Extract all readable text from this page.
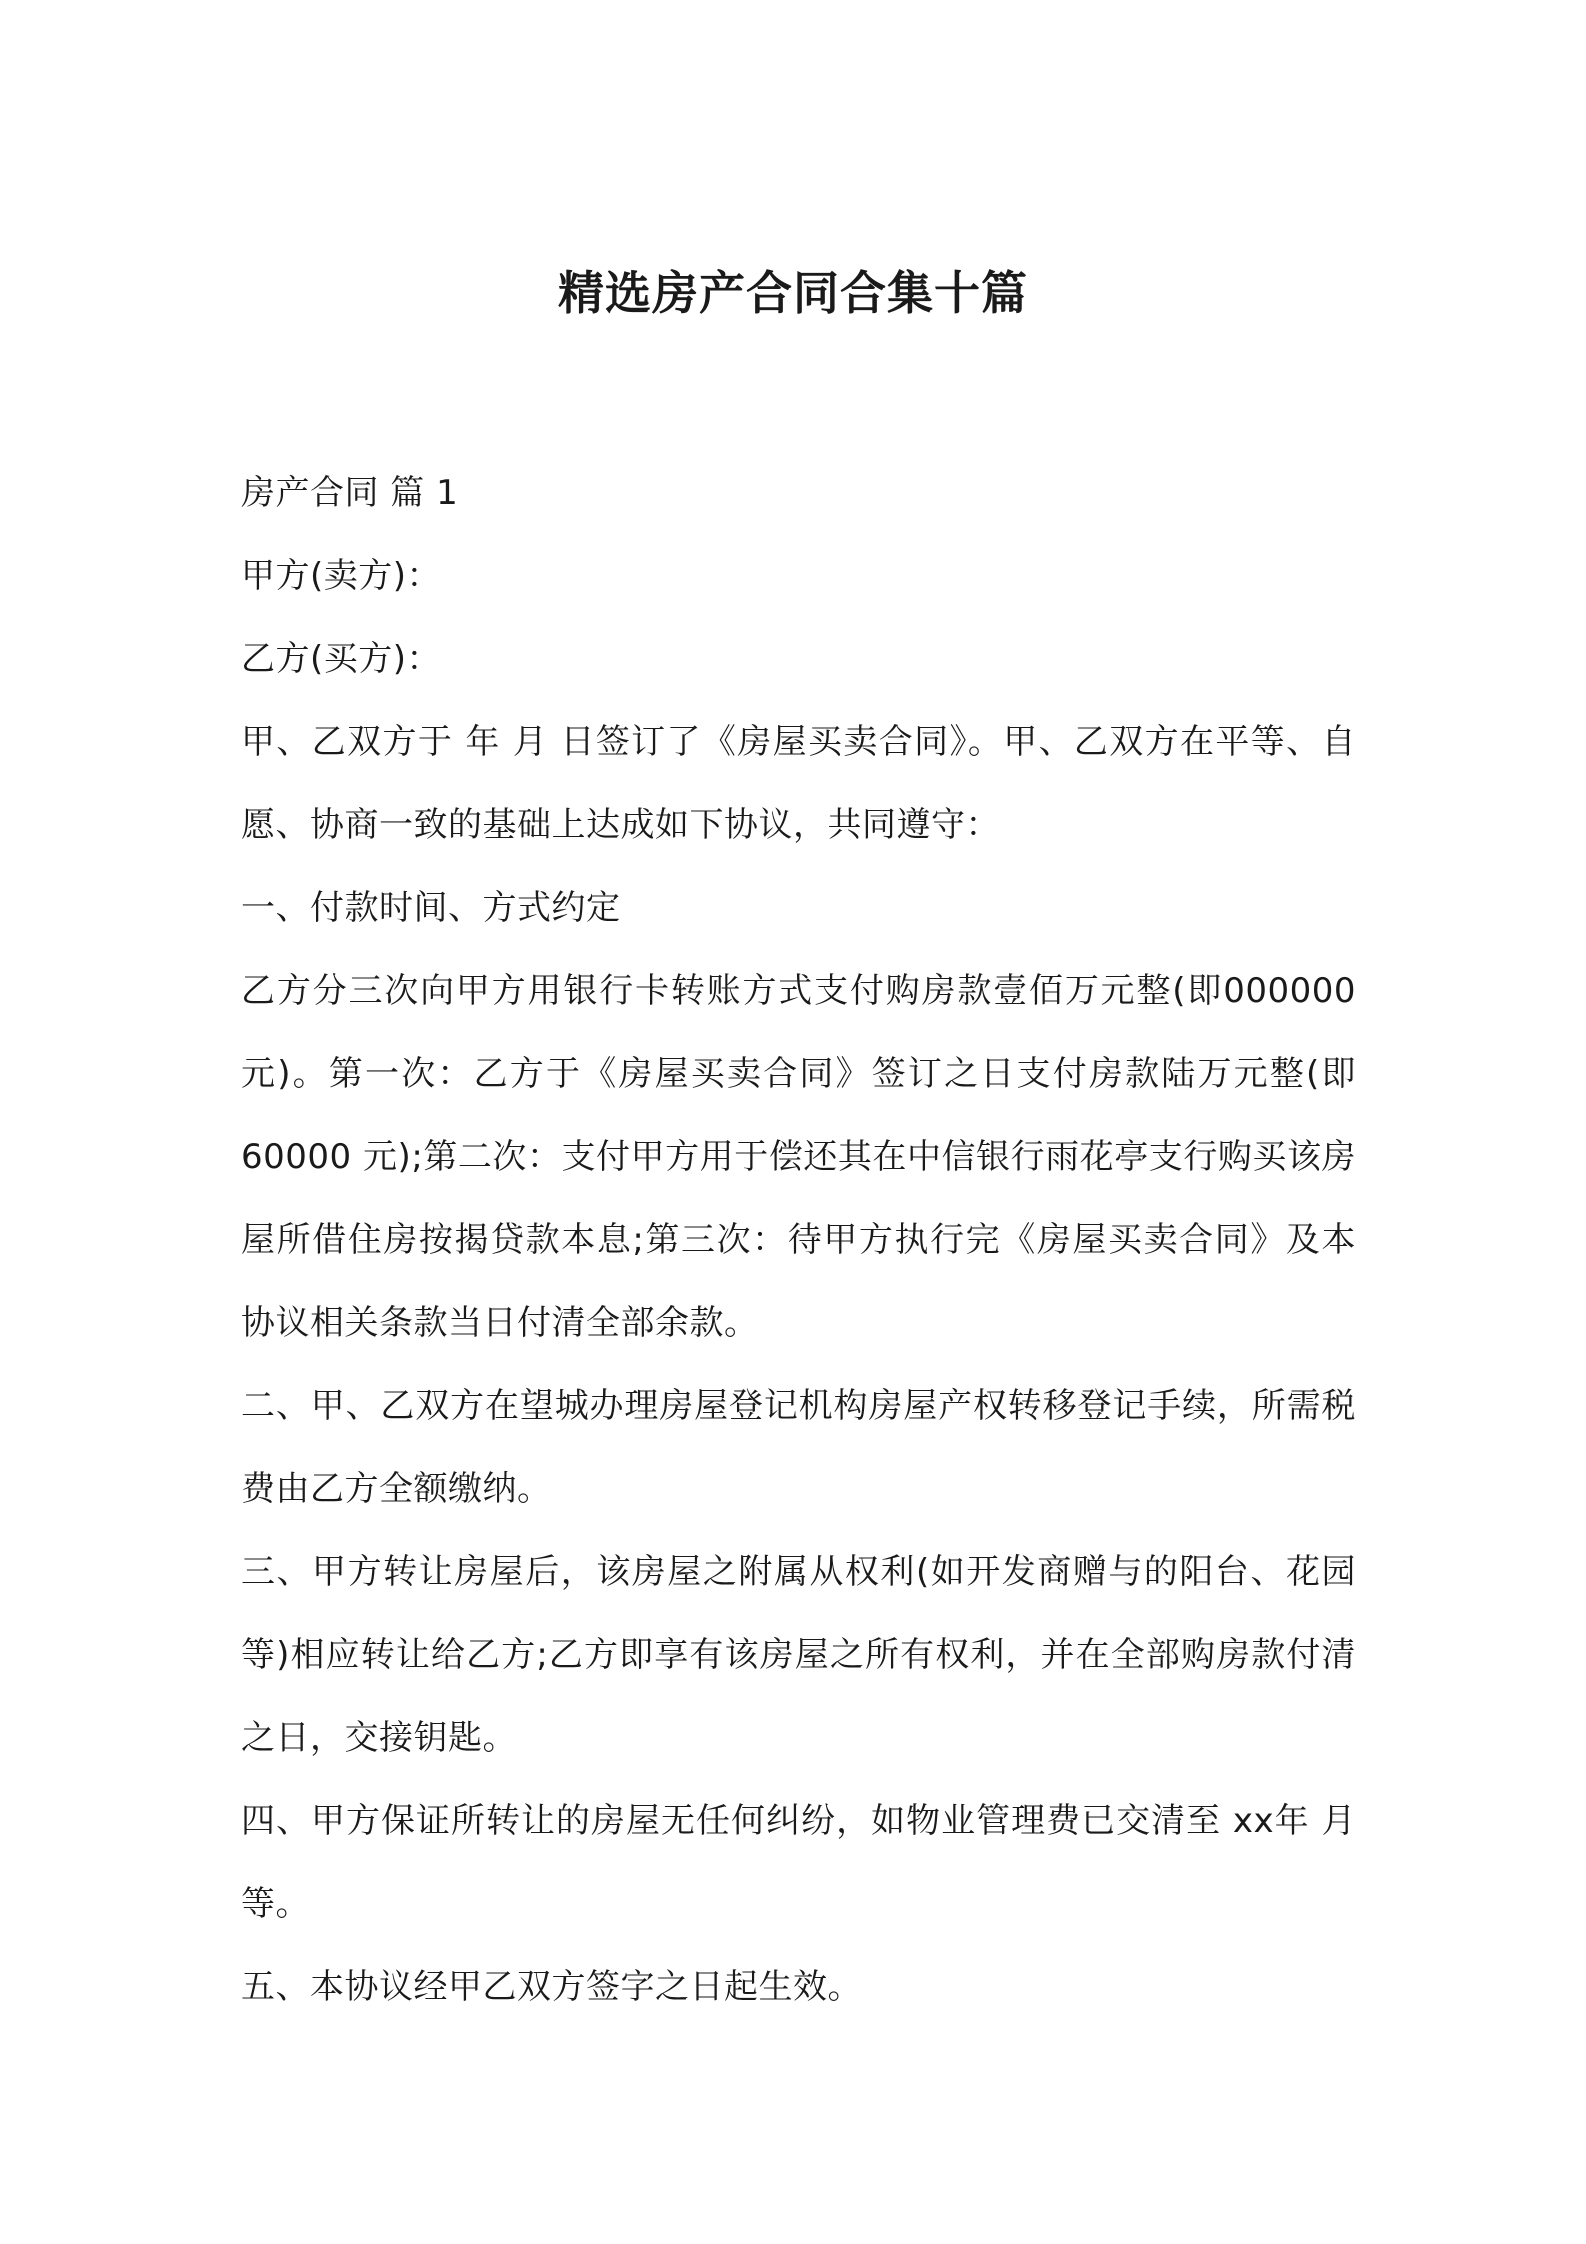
精选房产合同合集十篇

房产合同 篇 1

甲方(卖方)：

乙方(买方)：

甲、乙双方于 年 月 日签订了《房屋买卖合同》。甲、乙双方在平等、自愿、协商一致的基础上达成如下协议，共同遵守：

一、付款时间、方式约定

乙方分三次向甲方用银行卡转账方式支付购房款壹佰万元整(即000000 元)。第一次：乙方于《房屋买卖合同》签订之日支付房款陆万元整(即 60000 元);第二次：支付甲方用于偿还其在中信银行雨花亭支行购买该房屋所借住房按揭贷款本息;第三次：待甲方执行完《房屋买卖合同》及本协议相关条款当日付清全部余款。

二、甲、乙双方在望城办理房屋登记机构房屋产权转移登记手续，所需税费由乙方全额缴纳。

三、甲方转让房屋后，该房屋之附属从权利(如开发商赠与的阳台、花园等)相应转让给乙方;乙方即享有该房屋之所有权利，并在全部购房款付清之日，交接钥匙。

四、甲方保证所转让的房屋无任何纠纷，如物业管理费已交清至 xx年 月等。

五、本协议经甲乙双方签字之日起生效。
